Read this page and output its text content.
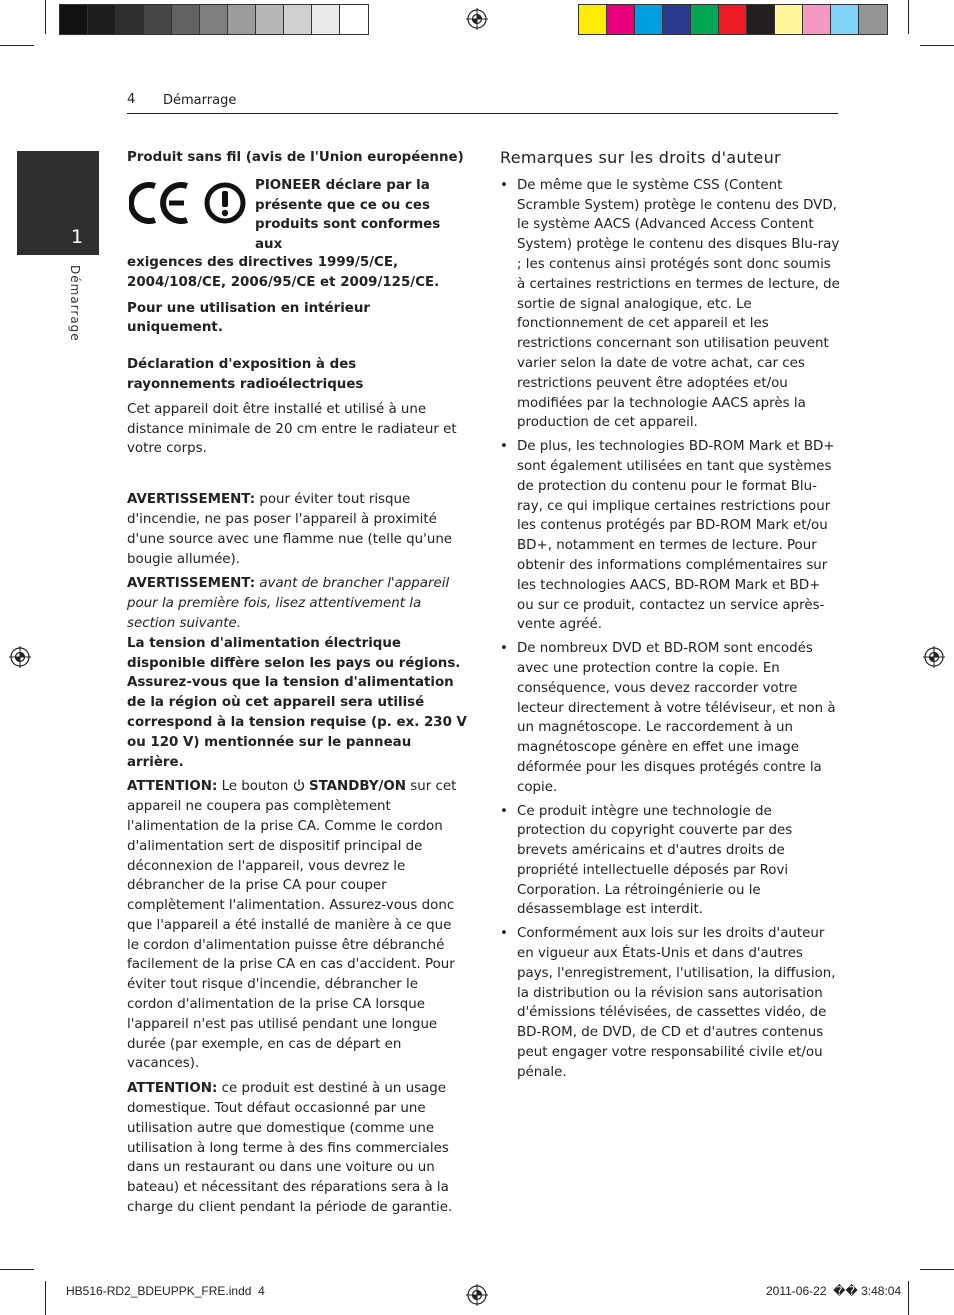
4 Démarrage
1
Démarrage

Produit sans fil (avis de l'Union européenne)

PIONEER déclare par la présente que ce ou ces produits sont conformes aux

exigences des directives 1999/5/CE, 2004/108/CE, 2006/95/CE et 2009/125/CE.

Pour une utilisation en intérieur uniquement.

Déclaration d'exposition à des rayonnements radioélectriques

Cet appareil doit être installé et utilisé à une distance minimale de 20 cm entre le radiateur et votre corps.

AVERTISSEMENT: pour éviter tout risque d'incendie, ne pas poser l'appareil à proximité d'une source avec une flamme nue (telle qu'une bougie allumée).

AVERTISSEMENT: avant de brancher l'appareil pour la première fois, lisez attentivement la section suivante.
La tension d'alimentation électrique disponible diffère selon les pays ou régions. Assurez-vous que la tension d'alimentation de la région où cet appareil sera utilisé correspond à la tension requise (p. ex. 230 V ou 120 V) mentionnée sur le panneau arrière.

ATTENTION: Le bouton  STANDBY/ON sur cet appareil ne coupera pas complètement l'alimentation de la prise CA. Comme le cordon d'alimentation sert de dispositif principal de déconnexion de l'appareil, vous devrez le débrancher de la prise CA pour couper complètement l'alimentation. Assurez-vous donc que l'appareil a été installé de manière à ce que le cordon d'alimentation puisse être débranché facilement de la prise CA en cas d'accident. Pour éviter tout risque d'incendie, débrancher le cordon d'alimentation de la prise CA lorsque l'appareil n'est pas utilisé pendant une longue durée (par exemple, en cas de départ en vacances).

ATTENTION: ce produit est destiné à un usage domestique. Tout défaut occasionné par une utilisation autre que domestique (comme une utilisation à long terme à des fins commerciales dans un restaurant ou dans une voiture ou un bateau) et nécessitant des réparations sera à la charge du client pendant la période de garantie.

Remarques sur les droits d'auteur
• De même que le système CSS (Content Scramble System) protège le contenu des DVD, le système AACS (Advanced Access Content System) protège le contenu des disques Blu-ray ; les contenus ainsi protégés sont donc soumis à certaines restrictions en termes de lecture, de sortie de signal analogique, etc. Le fonctionnement de cet appareil et les restrictions concernant son utilisation peuvent varier selon la date de votre achat, car ces restrictions peuvent être adoptées et/ou modifiées par la technologie AACS après la production de cet appareil.
• De plus, les technologies BD-ROM Mark et BD+ sont également utilisées en tant que systèmes de protection du contenu pour le format Blu-ray, ce qui implique certaines restrictions pour les contenus protégés par BD-ROM Mark et/ou BD+, notamment en termes de lecture. Pour obtenir des informations complémentaires sur les technologies AACS, BD-ROM Mark et BD+ ou sur ce produit, contactez un service après-vente agréé.
• De nombreux DVD et BD-ROM sont encodés avec une protection contre la copie. En conséquence, vous devez raccorder votre lecteur directement à votre téléviseur, et non à un magnétoscope. Le raccordement à un magnétoscope génère en effet une image déformée pour les disques protégés contre la copie.
• Ce produit intègre une technologie de protection du copyright couverte par des brevets américains et d'autres droits de propriété intellectuelle déposés par Rovi Corporation. La rétroingénierie ou le désassemblage est interdit.
• Conformément aux lois sur les droits d'auteur en vigueur aux États-Unis et dans d'autres pays, l'enregistrement, l'utilisation, la diffusion, la distribution ou la révision sans autorisation d'émissions télévisées, de cassettes vidéo, de BD-ROM, de DVD, de CD et d'autres contenus peut engager votre responsabilité civile et/ou pénale.
HB516-RD2_BDEUPPK_FRE.indd 4	2011-06-22 �� 3:48:04
